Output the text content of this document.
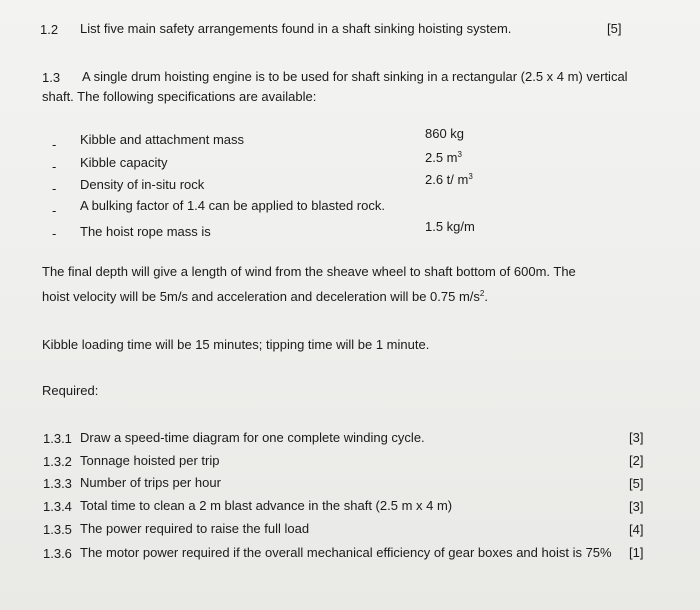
1.2 List five main safety arrangements found in a shaft sinking hoisting system.	[5]
1.3 A single drum hoisting engine is to be used for shaft sinking in a rectangular (2.5 x 4 m) vertical
shaft. The following specifications are available:
- Kibble and attachment mass	860 kg
- Kibble capacity	2.5 $m^3$
- Density of in-situ rock	2.6 t/ $m^3$
- A bulking factor of 1.4 can be applied to blasted rock.
- The hoist rope mass is	1.5 kg/m
The final depth will give a length of wind from the sheave wheel to shaft bottom of 600m. The
hoist velocity will be 5m/s and acceleration and deceleration will be 0.75 $m/s^2$.
Kibble loading time will be 15 minutes; tipping time will be 1 minute.
Required:
1.3.1 Draw a speed-time diagram for one complete winding cycle.	[3]
1.3.2 Tonnage hoisted per trip	[2]
1.3.3 Number of trips per hour	[5]
1.3.4 Total time to clean a 2 m blast advance in the shaft (2.5 m x 4 m)	[3]
1.3.5 The power required to raise the full load	[4]
1.3.6 The motor power required if the overall mechanical efficiency of gear boxes and hoist is 75% [1]
